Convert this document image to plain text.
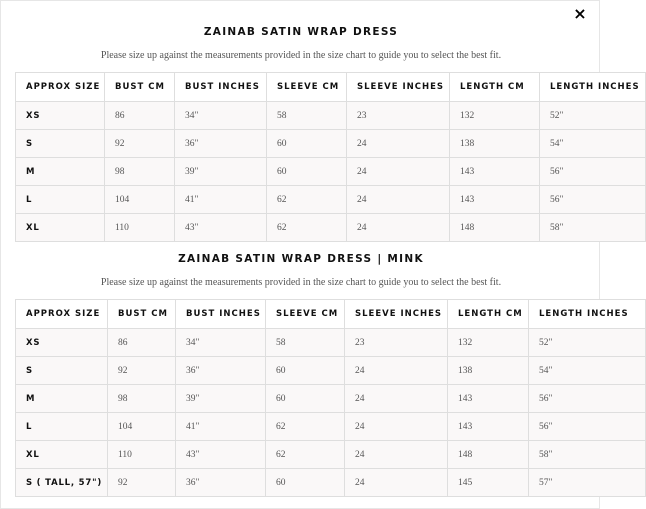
×
ZAINAB SATIN WRAP DRESS
Please size up against the measurements provided in the size chart to guide you to select the best fit.
APPROX SIZE	BUST CM	BUST INCHES	SLEEVE CM	SLEEVE INCHES	LENGTH CM	LENGTH INCHES
XS	86	34"	58	23	132	52"
S	92	36"	60	24	138	54"
M	98	39"	60	24	143	56"
L	104	41"	62	24	143	56"
XL	110	43"	62	24	148	58"
ZAINAB SATIN WRAP DRESS | MINK
Please size up against the measurements provided in the size chart to guide you to select the best fit.
APPROX SIZE	BUST CM	BUST INCHES	SLEEVE CM	SLEEVE INCHES	LENGTH CM	LENGTH INCHES
XS	86	34"	58	23	132	52"
S	92	36"	60	24	138	54"
M	98	39"	60	24	143	56"
L	104	41"	62	24	143	56"
XL	110	43"	62	24	148	58"
S ( TALL, 57")	92	36"	60	24	145	57"
